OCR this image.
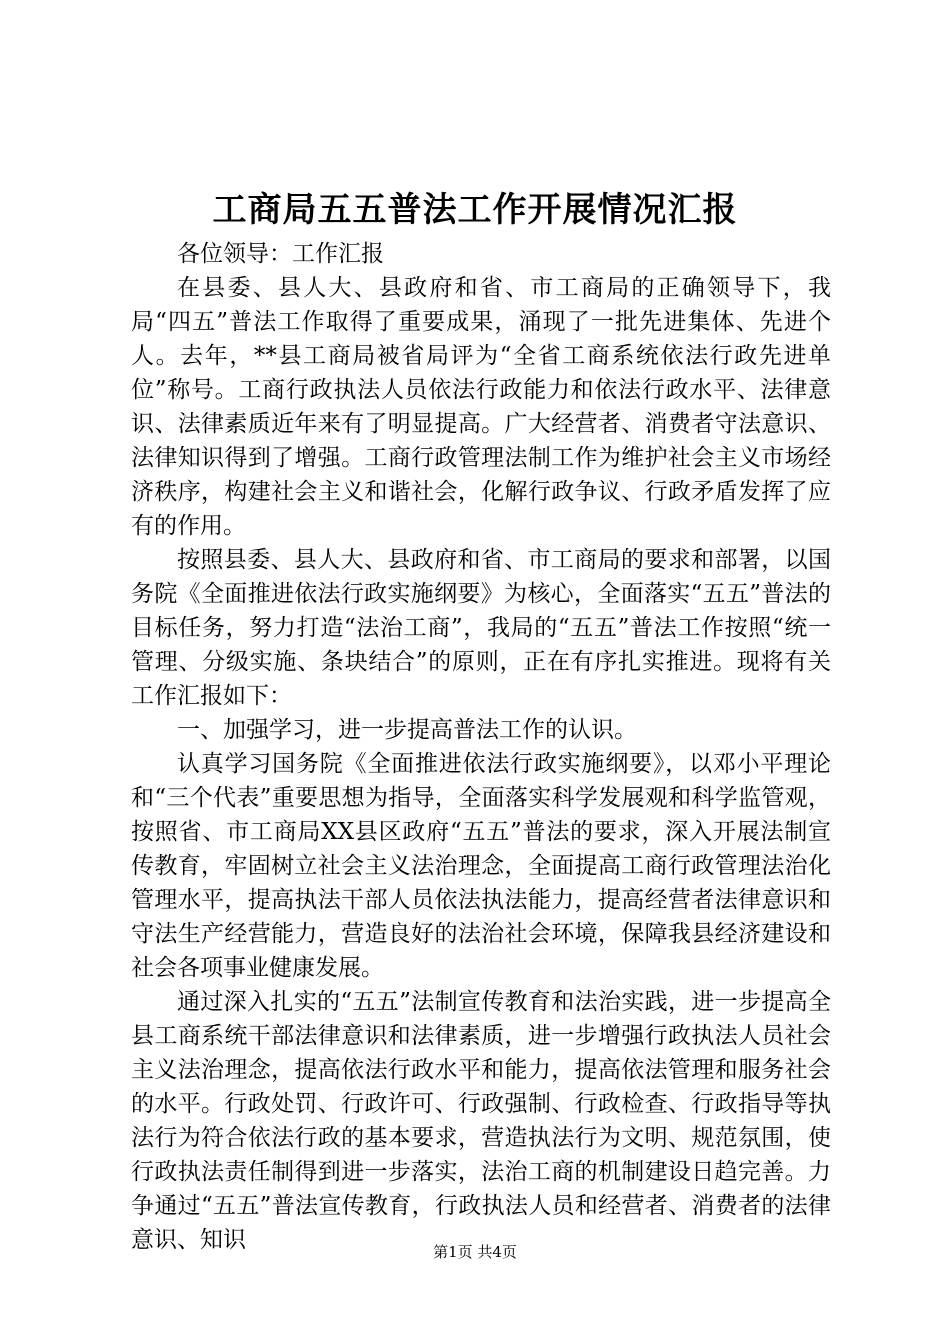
工商局五五普法工作开展情况汇报

各位领导：工作汇报

在县委、县人大、县政府和省、市工商局的正确领导下，我局“四五”普法工作取得了重要成果，涌现了一批先进集体、先进个人。去年，**县工商局被省局评为“全省工商系统依法行政先进单位”称号。工商行政执法人员依法行政能力和依法行政水平、法律意识、法律素质近年来有了明显提高。广大经营者、消费者守法意识、法律知识得到了增强。工商行政管理法制工作为维护社会主义市场经济秩序，构建社会主义和谐社会，化解行政争议、行政矛盾发挥了应有的作用。

按照县委、县人大、县政府和省、市工商局的要求和部署，以国务院《全面推进依法行政实施纲要》为核心，全面落实“五五”普法的目标任务，努力打造“法治工商”，我局的“五五”普法工作按照“统一管理、分级实施、条块结合”的原则，正在有序扎实推进。现将有关工作汇报如下：

一、加强学习，进一步提高普法工作的认识。

认真学习国务院《全面推进依法行政实施纲要》，以邓小平理论和“三个代表”重要思想为指导，全面落实科学发展观和科学监管观，按照省、市工商局XX县区政府“五五”普法的要求，深入开展法制宣传教育，牢固树立社会主义法治理念，全面提高工商行政管理法治化管理水平，提高执法干部人员依法执法能力，提高经营者法律意识和守法生产经营能力，营造良好的法治社会环境，保障我县经济建设和社会各项事业健康发展。

通过深入扎实的“五五”法制宣传教育和法治实践，进一步提高全县工商系统干部法律意识和法律素质，进一步增强行政执法人员社会主义法治理念，提高依法行政水平和能力，提高依法管理和服务社会的水平。行政处罚、行政许可、行政强制、行政检查、行政指导等执法行为符合依法行政的基本要求，营造执法行为文明、规范氛围，使行政执法责任制得到进一步落实，法治工商的机制建设日趋完善。力争通过“五五”普法宣传教育，行政执法人员和经营者、消费者的法律意识、知识	第1页 共4页
